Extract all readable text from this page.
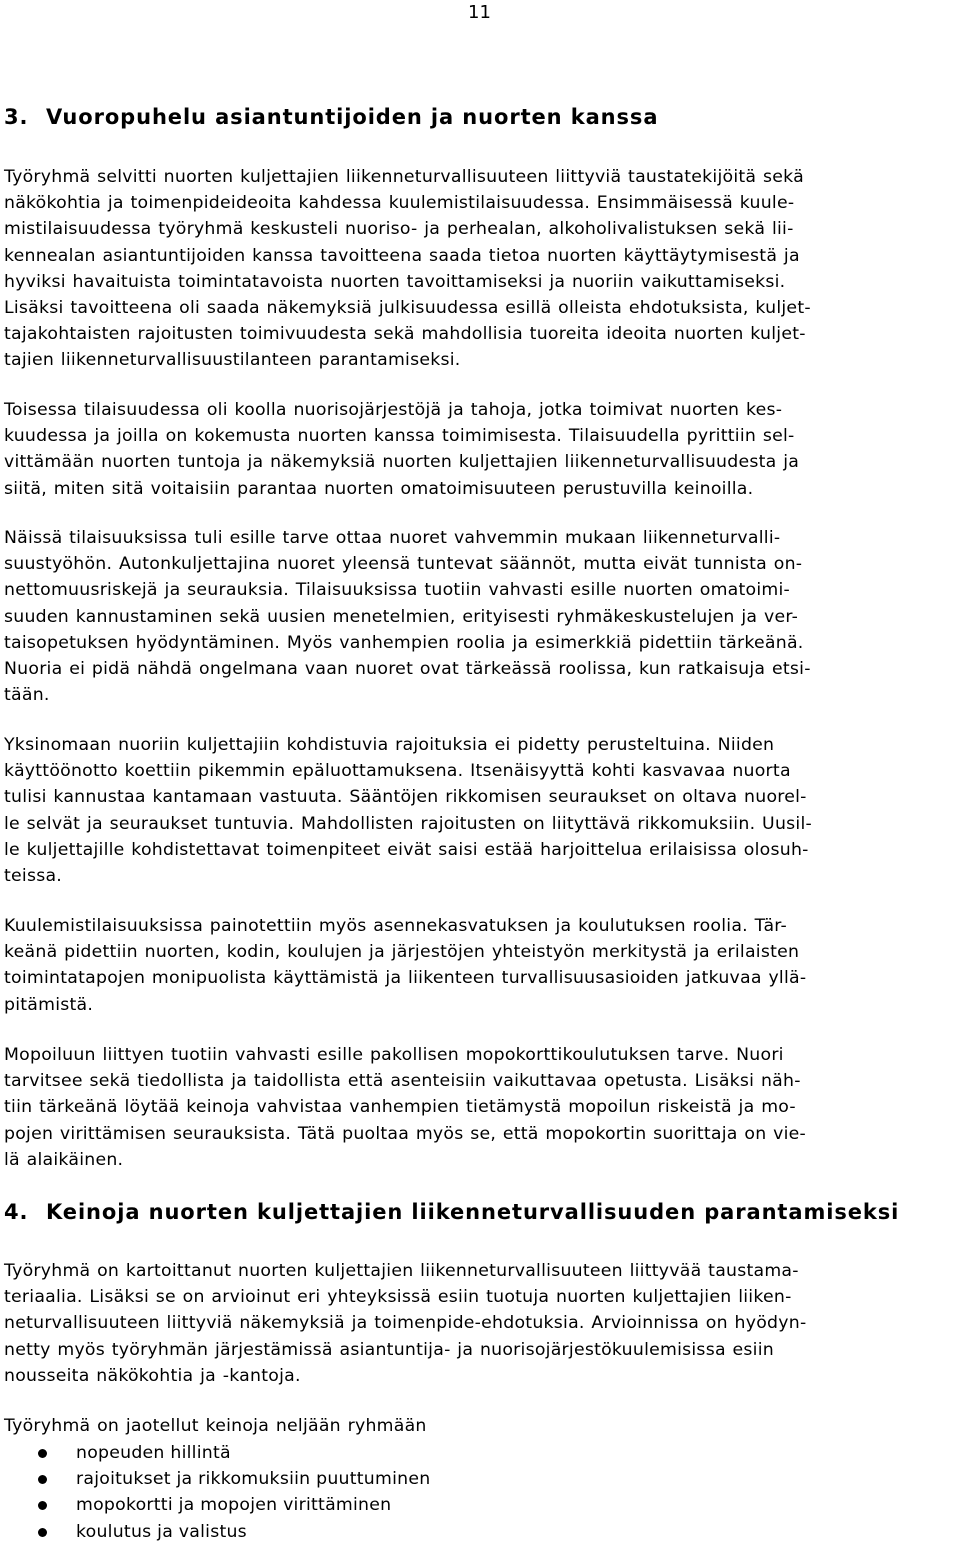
11
3. Vuoropuhelu asiantuntijoiden ja nuorten kanssa
Työryhmä selvitti nuorten kuljettajien liikenneturvallisuuteen liittyviä taustatekijöitä sekä
näkökohtia ja toimenpideideoita kahdessa kuulemistilaisuudessa. Ensimmäisessä kuule-
mistilaisuudessa työryhmä keskusteli nuoriso- ja perhealan, alkoholivalistuksen sekä lii-
kennealan asiantuntijoiden kanssa tavoitteena saada tietoa nuorten käyttäytymisestä ja
hyviksi havaituista toimintatavoista nuorten tavoittamiseksi ja nuoriin vaikuttamiseksi.
Lisäksi tavoitteena oli saada näkemyksiä julkisuudessa esillä olleista ehdotuksista, kuljet-
tajakohtaisten rajoitusten toimivuudesta sekä mahdollisia tuoreita ideoita nuorten kuljet-
tajien liikenneturvallisuustilanteen parantamiseksi.
Toisessa tilaisuudessa oli koolla nuorisojärjestöjä ja tahoja, jotka toimivat nuorten kes-
kuudessa ja joilla on kokemusta nuorten kanssa toimimisesta. Tilaisuudella pyrittiin sel-
vittämään nuorten tuntoja ja näkemyksiä nuorten kuljettajien liikenneturvallisuudesta ja
siitä, miten sitä voitaisiin parantaa nuorten omatoimisuuteen perustuvilla keinoilla.
Näissä tilaisuuksissa tuli esille tarve ottaa nuoret vahvemmin mukaan liikenneturvalli-
suustyöhön. Autonkuljettajina nuoret yleensä tuntevat säännöt, mutta eivät tunnista on-
nettomuusriskejä ja seurauksia. Tilaisuuksissa tuotiin vahvasti esille nuorten omatoimi-
suuden kannustaminen sekä uusien menetelmien, erityisesti ryhmäkeskustelujen ja ver-
taisopetuksen hyödyntäminen. Myös vanhempien roolia ja esimerkkiä pidettiin tärkeänä.
Nuoria ei pidä nähdä ongelmana vaan nuoret ovat tärkeässä roolissa, kun ratkaisuja etsi-
tään.
Yksinomaan nuoriin kuljettajiin kohdistuvia rajoituksia ei pidetty perusteltuina. Niiden
käyttöönotto koettiin pikemmin epäluottamuksena. Itsenäisyyttä kohti kasvavaa nuorta
tulisi kannustaa kantamaan vastuuta. Sääntöjen rikkomisen seuraukset on oltava nuorel-
le selvät ja seuraukset tuntuvia. Mahdollisten rajoitusten on liityttävä rikkomuksiin. Uusil-
le kuljettajille kohdistettavat toimenpiteet eivät saisi estää harjoittelua erilaisissa olosuh-
teissa.
Kuulemistilaisuuksissa painotettiin myös asennekasvatuksen ja koulutuksen roolia. Tär-
keänä pidettiin nuorten, kodin, koulujen ja järjestöjen yhteistyön merkitystä ja erilaisten
toimintatapojen monipuolista käyttämistä ja liikenteen turvallisuusasioiden jatkuvaa yllä-
pitämistä.
Mopoiluun liittyen tuotiin vahvasti esille pakollisen mopokorttikoulutuksen tarve. Nuori
tarvitsee sekä tiedollista ja taidollista että asenteisiin vaikuttavaa opetusta. Lisäksi näh-
tiin tärkeänä löytää keinoja vahvistaa vanhempien tietämystä mopoilun riskeistä ja mo-
pojen virittämisen seurauksista. Tätä puoltaa myös se, että mopokortin suorittaja on vie-
lä alaikäinen.
4. Keinoja nuorten kuljettajien liikenneturvallisuuden parantamiseksi
Työryhmä on kartoittanut nuorten kuljettajien liikenneturvallisuuteen liittyvää taustama-
teriaalia. Lisäksi se on arvioinut eri yhteyksissä esiin tuotuja nuorten kuljettajien liiken-
neturvallisuuteen liittyviä näkemyksiä ja toimenpide-ehdotuksia. Arvioinnissa on hyödyn-
netty myös työryhmän järjestämissä asiantuntija- ja nuorisojärjestökuulemisissa esiin
nousseita näkökohtia ja -kantoja.
Työryhmä on jaotellut keinoja neljään ryhmään
nopeuden hillintä
rajoitukset ja rikkomuksiin puuttuminen
mopokortti ja mopojen virittäminen
koulutus ja valistus
